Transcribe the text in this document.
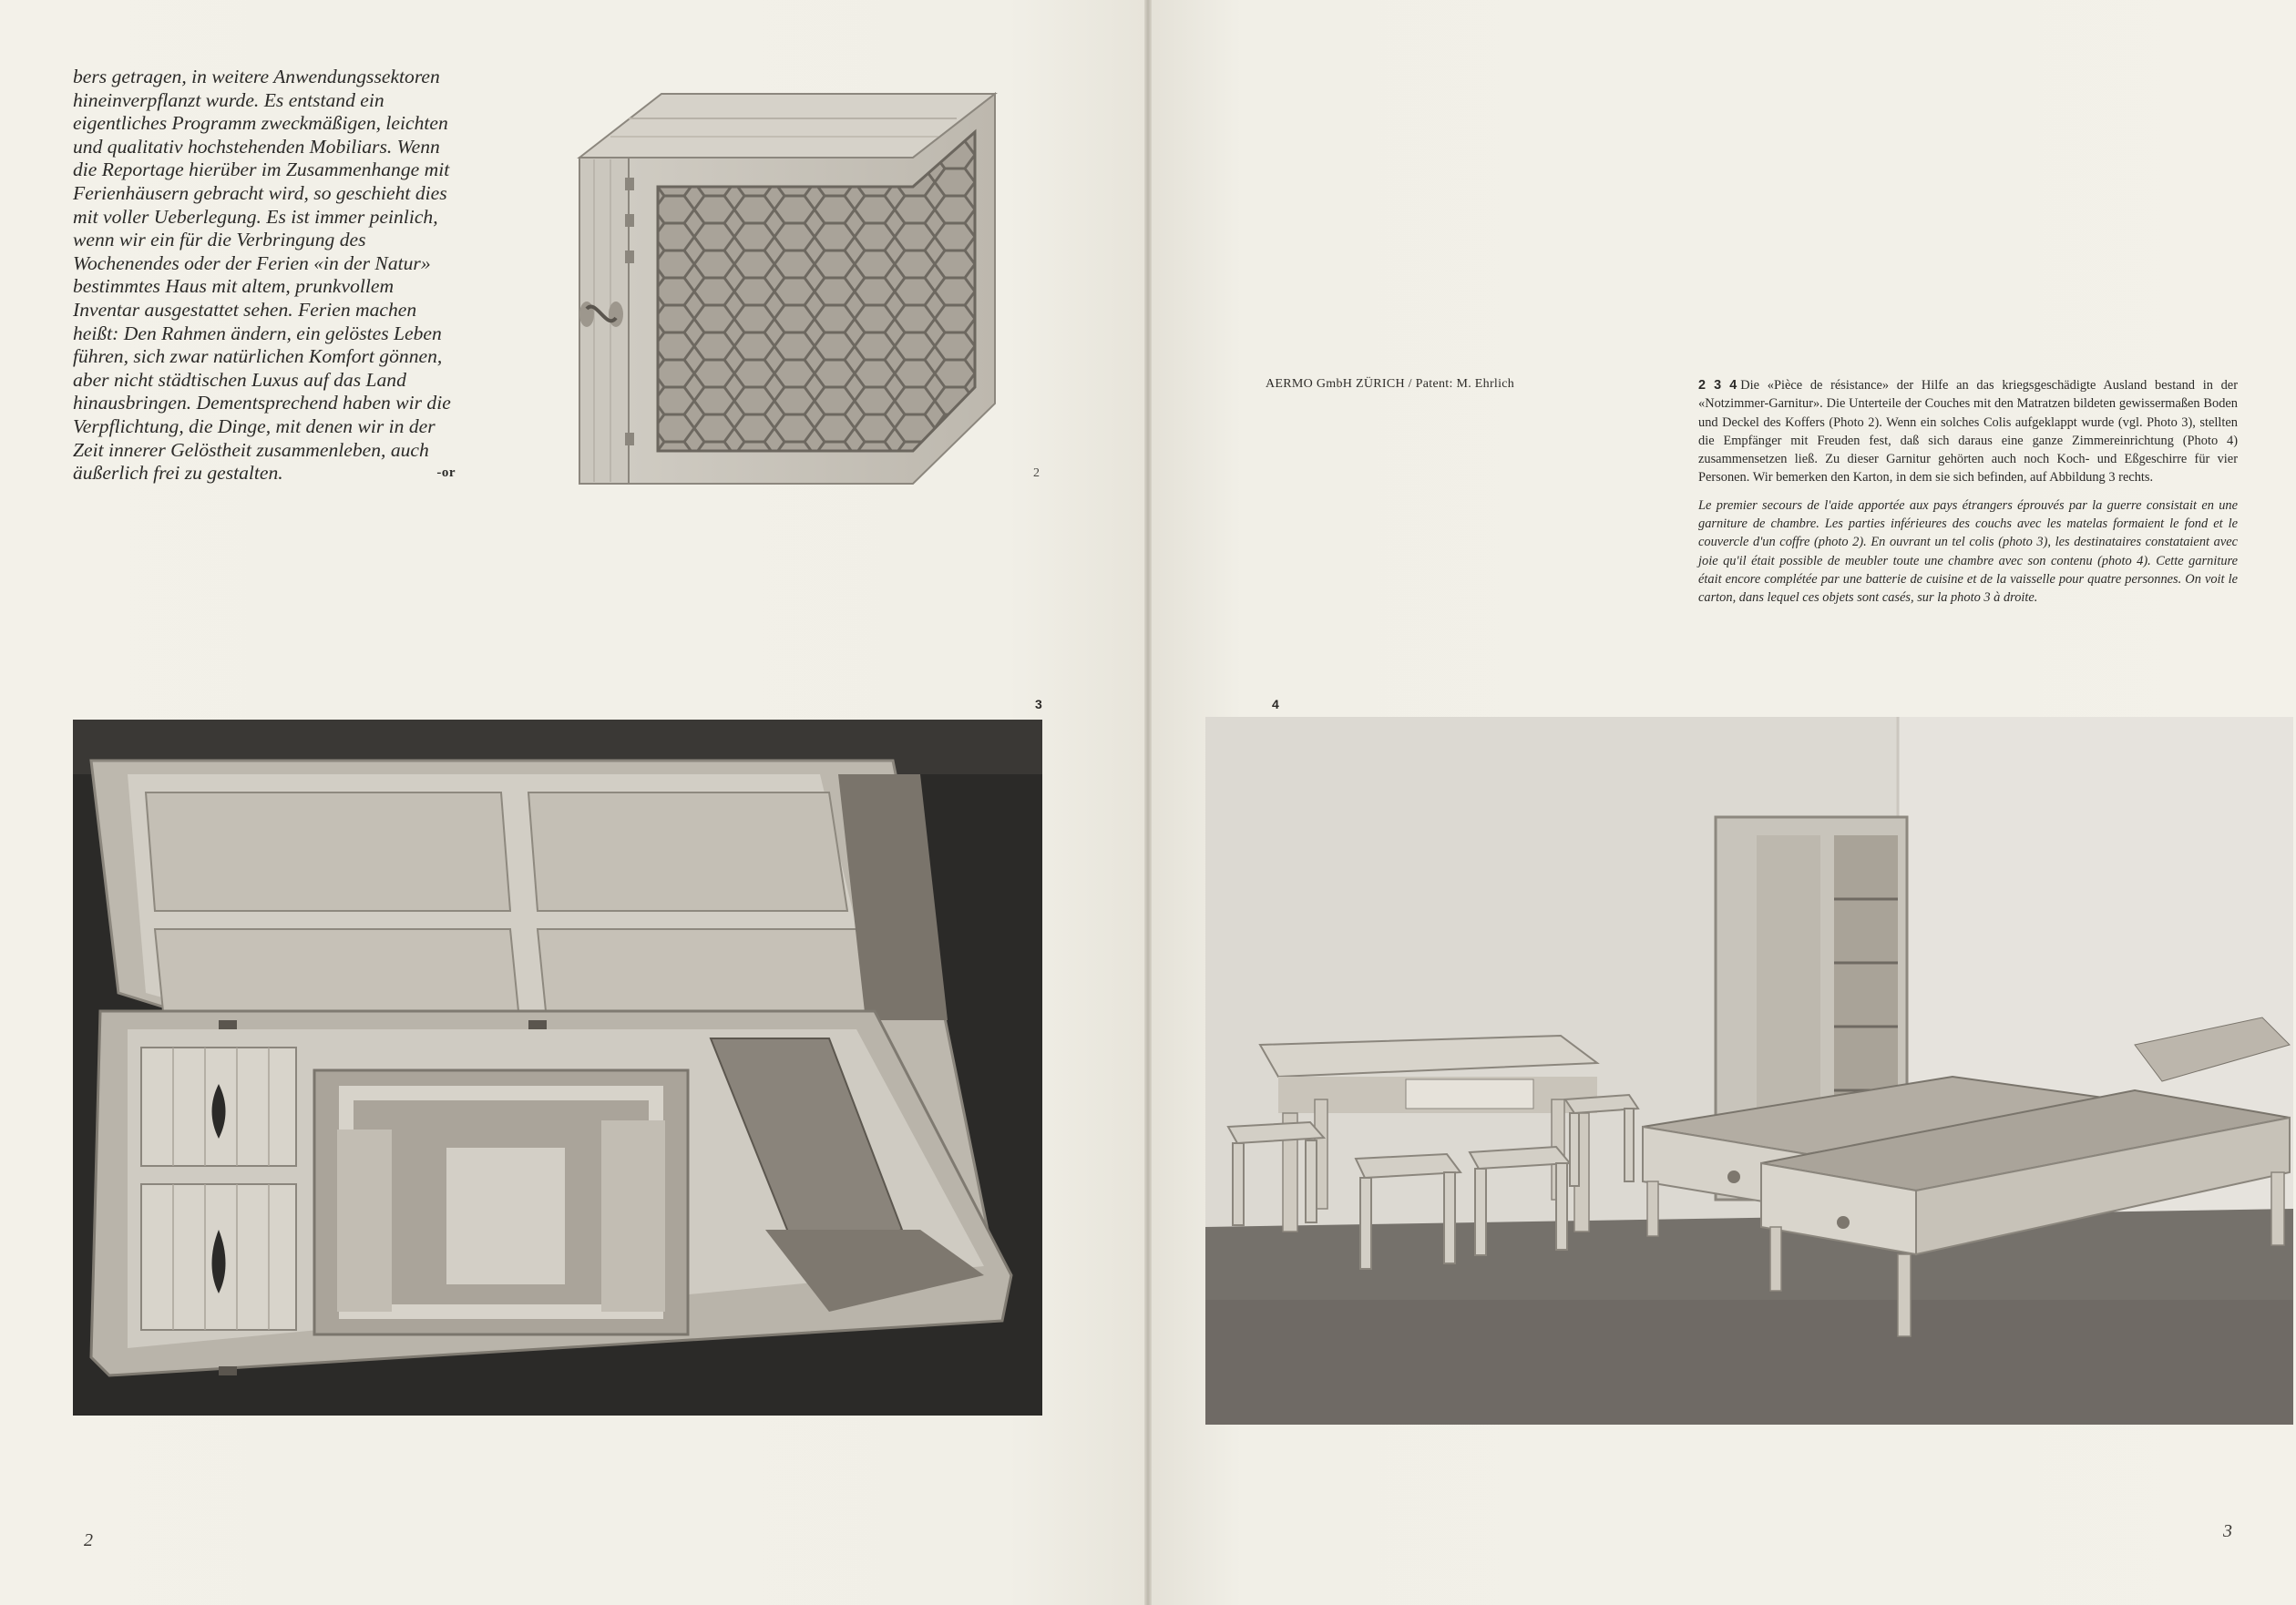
bers getragen, in weitere Anwendungssektoren hineinverpflanzt wurde. Es entstand ein eigentliches Programm zweckmäßigen, leichten und qualitativ hochstehenden Mobiliars. Wenn die Reportage hierüber im Zusammenhange mit Ferienhäusern gebracht wird, so geschieht dies mit voller Ueberlegung. Es ist immer peinlich, wenn wir ein für die Verbringung des Wochenendes oder der Ferien «in der Natur» bestimmtes Haus mit altem, prunkvollem Inventar ausgestattet sehen. Ferien machen heißt: Den Rahmen ändern, ein gelöstes Leben führen, sich zwar natürlichen Komfort gönnen, aber nicht städtischen Luxus auf das Land hinausbringen. Dementsprechend haben wir die Verpflichtung, die Dinge, mit denen wir in der Zeit innerer Gelöstheit zusammenleben, auch äußerlich frei zu gestalten.	-or	2
3
2
AERMO GmbH ZÜRICH / Patent: M. Ehrlich	2 3 4 Die «Pièce de résistance» der Hilfe an das kriegsgeschädigte Ausland bestand in der «Notzimmer-Garnitur». Die Unterteile der Couches mit den Matratzen bildeten gewissermaßen Boden und Deckel des Koffers (Photo 2). Wenn ein solches Colis aufgeklappt wurde (vgl. Photo 3), stellten die Empfänger mit Freuden fest, daß sich daraus eine ganze Zimmereinrichtung (Photo 4) zusammensetzen ließ. Zu dieser Garnitur gehörten auch noch Koch- und Eßgeschirre für vier Personen. Wir bemerken den Karton, in dem sie sich befinden, auf Abbildung 3 rechts.

Le premier secours de l'aide apportée aux pays étrangers éprouvés par la guerre consistait en une garniture de chambre. Les parties inférieures des couchs avec les matelas formaient le fond et le couvercle d'un coffre (photo 2). En ouvrant un tel colis (photo 3), les destinataires constataient avec joie qu'il était possible de meubler toute une chambre avec son contenu (photo 4). Cette garniture était encore complétée par une batterie de cuisine et de la vaisselle pour quatre personnes. On voit le carton, dans lequel ces objets sont casés, sur la photo 3 à droite.

4
3
